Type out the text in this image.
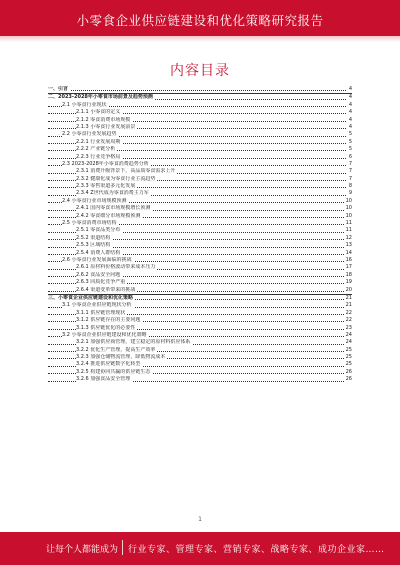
小零食企业供应链建设和优化策略研究报告
内容目录
一、引言	4
二、2023-2028年小零食市场前景及趋势预测	4
2.1 小零食行业现状	4
2.1.1 小零食的定义	4
2.1.2 零食消费市场规模	4
2.1.3 小零食行业发展前景	4
2.2 小零食行业发展趋势	5
2.2.1 行业发展周期	5
2.2.2 产业链分析	5
2.2.3 行业竞争格局	6
2.3 2023-2028年小零食消费趋势分析	7
2.3.1 消费升级背景下，高品质零食需求上升	7
2.3.2 健康化成为零食行业主流趋势	7
2.3.3 零售渠道多元化发展	8
2.3.4 Z世代成为零食消费主力军	9
2.4 小零食行业市场规模预测	10
2.4.1 国内零食市场规模增长预测	10
2.4.2 零食细分市场规模预测	10
2.5 小零食消费市场结构	11
2.5.1 零食品类分布	11
2.5.2 渠道结构	12
2.5.3 区域结构	13
2.5.4 消费人群结构	14
2.6 小零食行业发展面临的挑战	16
2.6.1 原材料价格波动带来成本压力	17
2.6.2 食品安全问题	18
2.6.3 同质化竞争严重	19
2.6.4 渠道变革带来的挑战	20
三、小零食企业供应链建设和优化策略	21
3.1 小零食企业供应链现状分析	21
3.1.1 供应链管理现状	22
3.1.2 供应链存在的主要问题	22
3.1.3 供应链优化的必要性	23
3.2 小零食企业供应链建设和优化策略	24
3.2.1 加强供应商管理，建立稳定的原材料供应体系	24
3.2.2 优化生产管理，提高生产效率	25
3.2.3 加强仓储物流管理，降低物流成本	25
3.2.4 推进供应链数字化转型	25
3.2.5 构建协同共赢的供应链生态	26
3.2.6 加强食品安全管理	26
1
让每个人都能成为 行业专家、管理专家、营销专家、战略专家、成功企业家……
